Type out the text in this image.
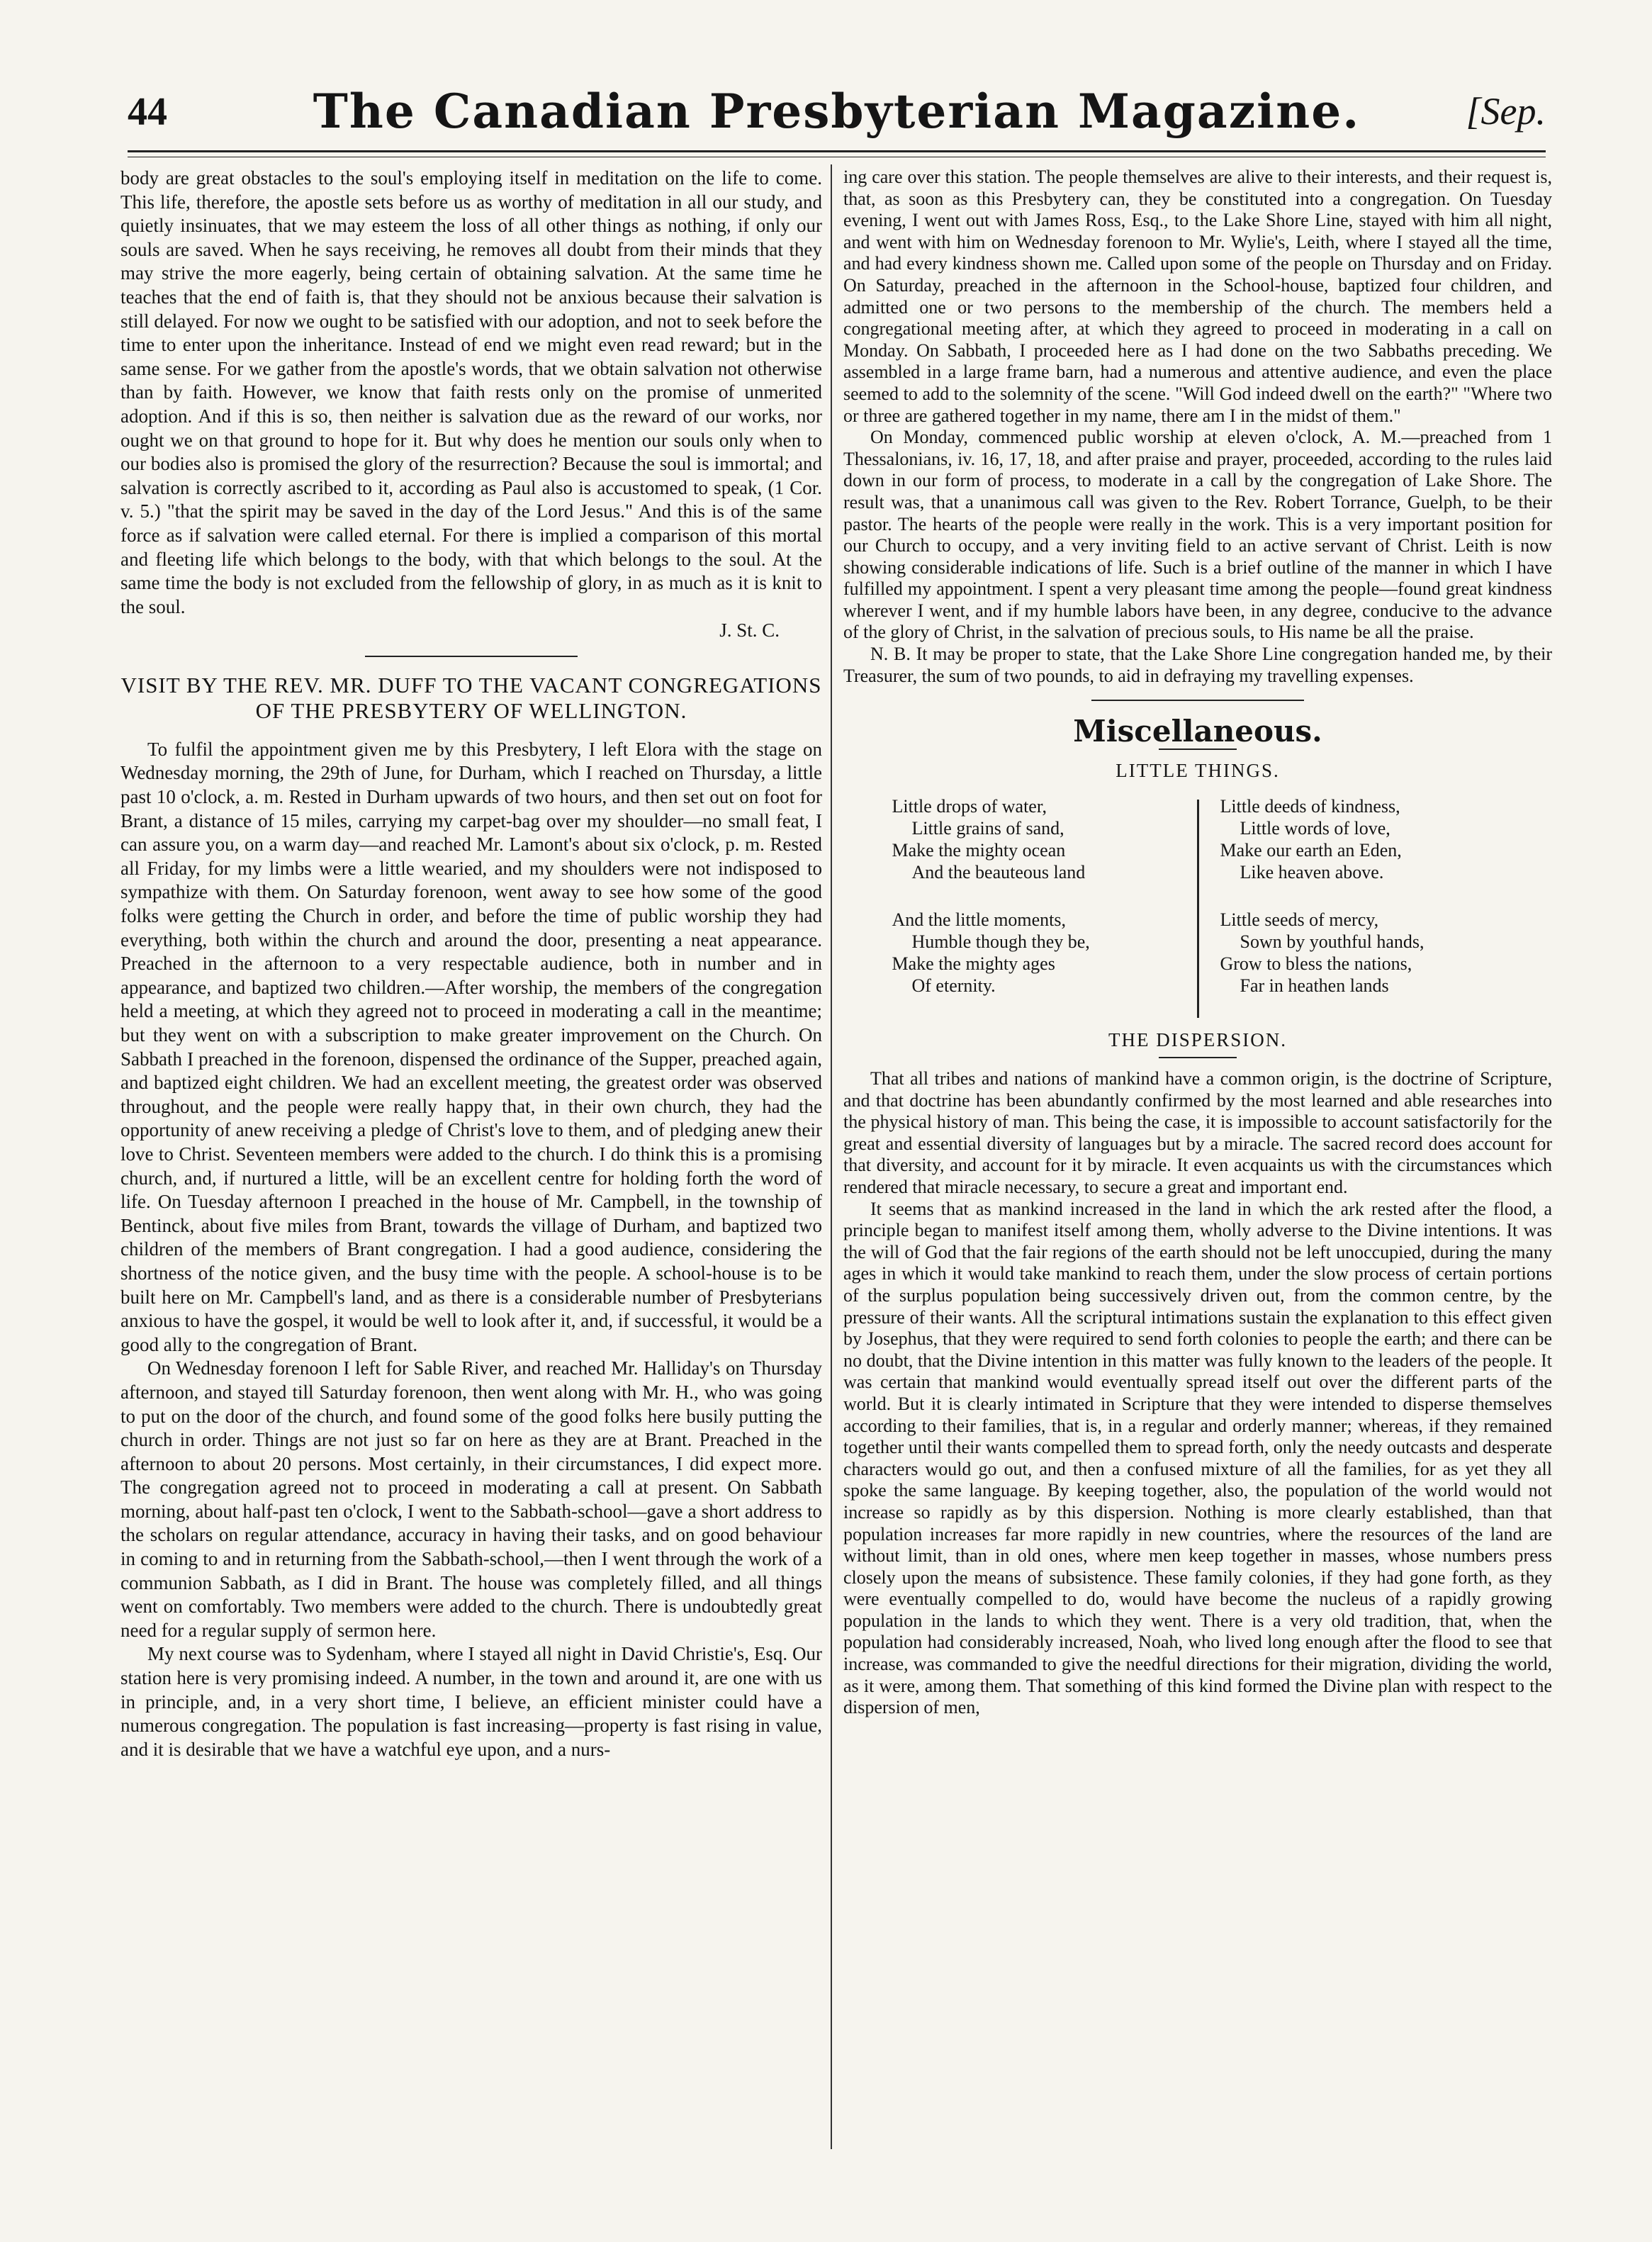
44	The Canadian Presbyterian Magazine.	[Sep.

body are great obstacles to the soul's employing itself in meditation on the life to come. This life, therefore, the apostle sets before us as worthy of meditation in all our study, and quietly insinuates, that we may esteem the loss of all other things as nothing, if only our souls are saved. When he says receiving, he removes all doubt from their minds that they may strive the more eagerly, being certain of obtaining salvation. At the same time he teaches that the end of faith is, that they should not be anxious because their salvation is still delayed. For now we ought to be satisfied with our adoption, and not to seek before the time to enter upon the inheritance. Instead of end we might even read reward; but in the same sense. For we gather from the apostle's words, that we obtain salvation not otherwise than by faith. However, we know that faith rests only on the promise of unmerited adoption. And if this is so, then neither is salvation due as the reward of our works, nor ought we on that ground to hope for it. But why does he mention our souls only when to our bodies also is promised the glory of the resurrection? Because the soul is immortal; and salvation is correctly ascribed to it, according as Paul also is accustomed to speak, (1 Cor. v. 5.) "that the spirit may be saved in the day of the Lord Jesus." And this is of the same force as if salvation were called eternal. For there is implied a comparison of this mortal and fleeting life which belongs to the body, with that which belongs to the soul. At the same time the body is not excluded from the fellowship of glory, in as much as it is knit to the soul.

J. St. C.
VISIT BY THE REV. MR. DUFF TO THE VACANT CONGREGATIONS OF THE PRESBYTERY OF WELLINGTON.

To fulfil the appointment given me by this Presbytery, I left Elora with the stage on Wednesday morning, the 29th of June, for Durham, which I reached on Thursday, a little past 10 o'clock, a. m. Rested in Durham upwards of two hours, and then set out on foot for Brant, a distance of 15 miles, carrying my carpet-bag over my shoulder—no small feat, I can assure you, on a warm day—and reached Mr. Lamont's about six o'clock, p. m. Rested all Friday, for my limbs were a little wearied, and my shoulders were not indisposed to sympathize with them. On Saturday forenoon, went away to see how some of the good folks were getting the Church in order, and before the time of public worship they had everything, both within the church and around the door, presenting a neat appearance. Preached in the afternoon to a very respectable audience, both in number and in appearance, and baptized two children.—After worship, the members of the congregation held a meeting, at which they agreed not to proceed in moderating a call in the meantime; but they went on with a subscription to make greater improvement on the Church. On Sabbath I preached in the forenoon, dispensed the ordinance of the Supper, preached again, and baptized eight children. We had an excellent meeting, the greatest order was observed throughout, and the people were really happy that, in their own church, they had the opportunity of anew receiving a pledge of Christ's love to them, and of pledging anew their love to Christ. Seventeen members were added to the church. I do think this is a promising church, and, if nurtured a little, will be an excellent centre for holding forth the word of life. On Tuesday afternoon I preached in the house of Mr. Campbell, in the township of Bentinck, about five miles from Brant, towards the village of Durham, and baptized two children of the members of Brant congregation. I had a good audience, considering the shortness of the notice given, and the busy time with the people. A school-house is to be built here on Mr. Campbell's land, and as there is a considerable number of Presbyterians anxious to have the gospel, it would be well to look after it, and, if successful, it would be a good ally to the congregation of Brant.

On Wednesday forenoon I left for Sable River, and reached Mr. Halliday's on Thursday afternoon, and stayed till Saturday forenoon, then went along with Mr. H., who was going to put on the door of the church, and found some of the good folks here busily putting the church in order. Things are not just so far on here as they are at Brant. Preached in the afternoon to about 20 persons. Most certainly, in their circumstances, I did expect more. The congregation agreed not to proceed in moderating a call at present. On Sabbath morning, about half-past ten o'clock, I went to the Sabbath-school—gave a short address to the scholars on regular attendance, accuracy in having their tasks, and on good behaviour in coming to and in returning from the Sabbath-school,—then I went through the work of a communion Sabbath, as I did in Brant. The house was completely filled, and all things went on comfortably. Two members were added to the church. There is undoubtedly great need for a regular supply of sermon here.

My next course was to Sydenham, where I stayed all night in David Christie's, Esq. Our station here is very promising indeed. A number, in the town and around it, are one with us in principle, and, in a very short time, I believe, an efficient minister could have a numerous congregation. The population is fast increasing—property is fast rising in value, and it is desirable that we have a watchful eye upon, and a nurs-

ing care over this station. The people themselves are alive to their interests, and their request is, that, as soon as this Presbytery can, they be constituted into a congregation. On Tuesday evening, I went out with James Ross, Esq., to the Lake Shore Line, stayed with him all night, and went with him on Wednesday forenoon to Mr. Wylie's, Leith, where I stayed all the time, and had every kindness shown me. Called upon some of the people on Thursday and on Friday. On Saturday, preached in the afternoon in the School-house, baptized four children, and admitted one or two persons to the membership of the church. The members held a congregational meeting after, at which they agreed to proceed in moderating in a call on Monday. On Sabbath, I proceeded here as I had done on the two Sabbaths preceding. We assembled in a large frame barn, had a numerous and attentive audience, and even the place seemed to add to the solemnity of the scene. "Will God indeed dwell on the earth?" "Where two or three are gathered together in my name, there am I in the midst of them."

On Monday, commenced public worship at eleven o'clock, A. M.—preached from 1 Thessalonians, iv. 16, 17, 18, and after praise and prayer, proceeded, according to the rules laid down in our form of process, to moderate in a call by the congregation of Lake Shore. The result was, that a unanimous call was given to the Rev. Robert Torrance, Guelph, to be their pastor. The hearts of the people were really in the work. This is a very important position for our Church to occupy, and a very inviting field to an active servant of Christ. Leith is now showing considerable indications of life. Such is a brief outline of the manner in which I have fulfilled my appointment. I spent a very pleasant time among the people—found great kindness wherever I went, and if my humble labors have been, in any degree, conducive to the advance of the glory of Christ, in the salvation of precious souls, to His name be all the praise.

N. B. It may be proper to state, that the Lake Shore Line congregation handed me, by their Treasurer, the sum of two pounds, to aid in defraying my travelling expenses.

Miscellaneous.
LITTLE THINGS.
Little drops of water,
Little grains of sand,
Make the mighty ocean
And the beauteous land
And the little moments,
Humble though they be,
Make the mighty ages
Of eternity.
Little deeds of kindness,
Little words of love,
Make our earth an Eden,
Like heaven above.
Little seeds of mercy,
Sown by youthful hands,
Grow to bless the nations,
Far in heathen lands
THE DISPERSION.

That all tribes and nations of mankind have a common origin, is the doctrine of Scripture, and that doctrine has been abundantly confirmed by the most learned and able researches into the physical history of man. This being the case, it is impossible to account satisfactorily for the great and essential diversity of languages but by a miracle. The sacred record does account for that diversity, and account for it by miracle. It even acquaints us with the circumstances which rendered that miracle necessary, to secure a great and important end.

It seems that as mankind increased in the land in which the ark rested after the flood, a principle began to manifest itself among them, wholly adverse to the Divine intentions. It was the will of God that the fair regions of the earth should not be left unoccupied, during the many ages in which it would take mankind to reach them, under the slow process of certain portions of the surplus population being successively driven out, from the common centre, by the pressure of their wants. All the scriptural intimations sustain the explanation to this effect given by Josephus, that they were required to send forth colonies to people the earth; and there can be no doubt, that the Divine intention in this matter was fully known to the leaders of the people. It was certain that mankind would eventually spread itself out over the different parts of the world. But it is clearly intimated in Scripture that they were intended to disperse themselves according to their families, that is, in a regular and orderly manner; whereas, if they remained together until their wants compelled them to spread forth, only the needy outcasts and desperate characters would go out, and then a confused mixture of all the families, for as yet they all spoke the same language. By keeping together, also, the population of the world would not increase so rapidly as by this dispersion. Nothing is more clearly established, than that population increases far more rapidly in new countries, where the resources of the land are without limit, than in old ones, where men keep together in masses, whose numbers press closely upon the means of subsistence. These family colonies, if they had gone forth, as they were eventually compelled to do, would have become the nucleus of a rapidly growing population in the lands to which they went. There is a very old tradition, that, when the population had considerably increased, Noah, who lived long enough after the flood to see that increase, was commanded to give the needful directions for their migration, dividing the world, as it were, among them. That something of this kind formed the Divine plan with respect to the dispersion of men,
